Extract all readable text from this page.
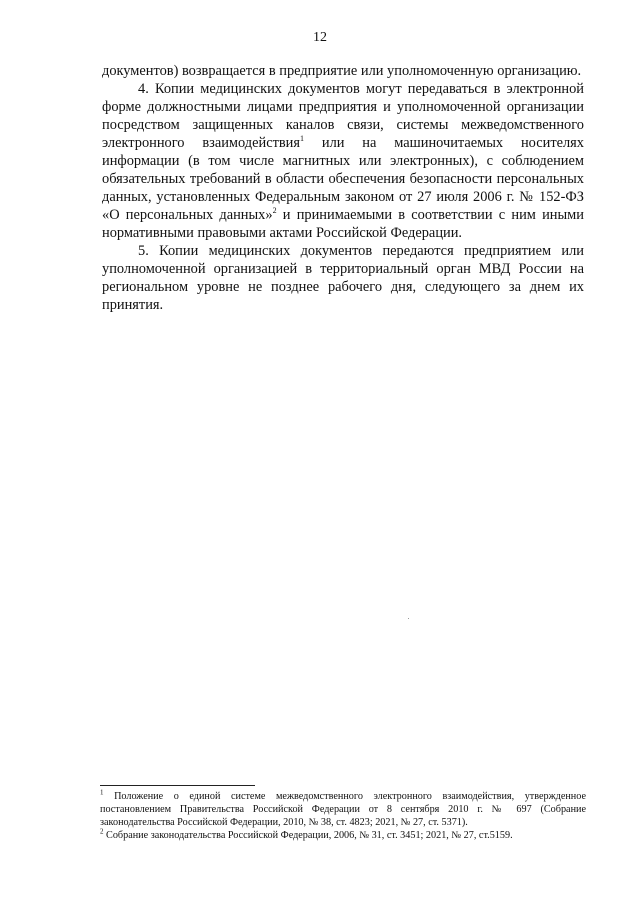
12

документов) возвращается в предприятие или уполномоченную организацию.

4. Копии медицинских документов могут передаваться в электронной форме должностными лицами предприятия и уполномоченной организации посредством защищенных каналов связи, системы межведомственного электронного взаимодействия$^1$ или на машиночитаемых носителях информации (в том числе магнитных или электронных), с соблюдением обязательных требований в области обеспечения безопасности персональных данных, установленных Федеральным законом от 27 июля 2006 г. № 152-ФЗ «О персональных данных»$^2$ и принимаемыми в соответствии с ним иными нормативными правовыми актами Российской Федерации.

5. Копии медицинских документов передаются предприятием или уполномоченной организацией в территориальный орган МВД России на региональном уровне не позднее рабочего дня, следующего за днем их принятия.

$^1$ Положение о единой системе межведомственного электронного взаимодействия, утвержденное постановлением Правительства Российской Федерации от 8 сентября 2010 г. № 697 (Собрание законодательства Российской Федерации, 2010, № 38, ст. 4823; 2021, № 27, ст. 5371).

$^2$ Собрание законодательства Российской Федерации, 2006, № 31, ст. 3451; 2021, № 27, ст.5159.
